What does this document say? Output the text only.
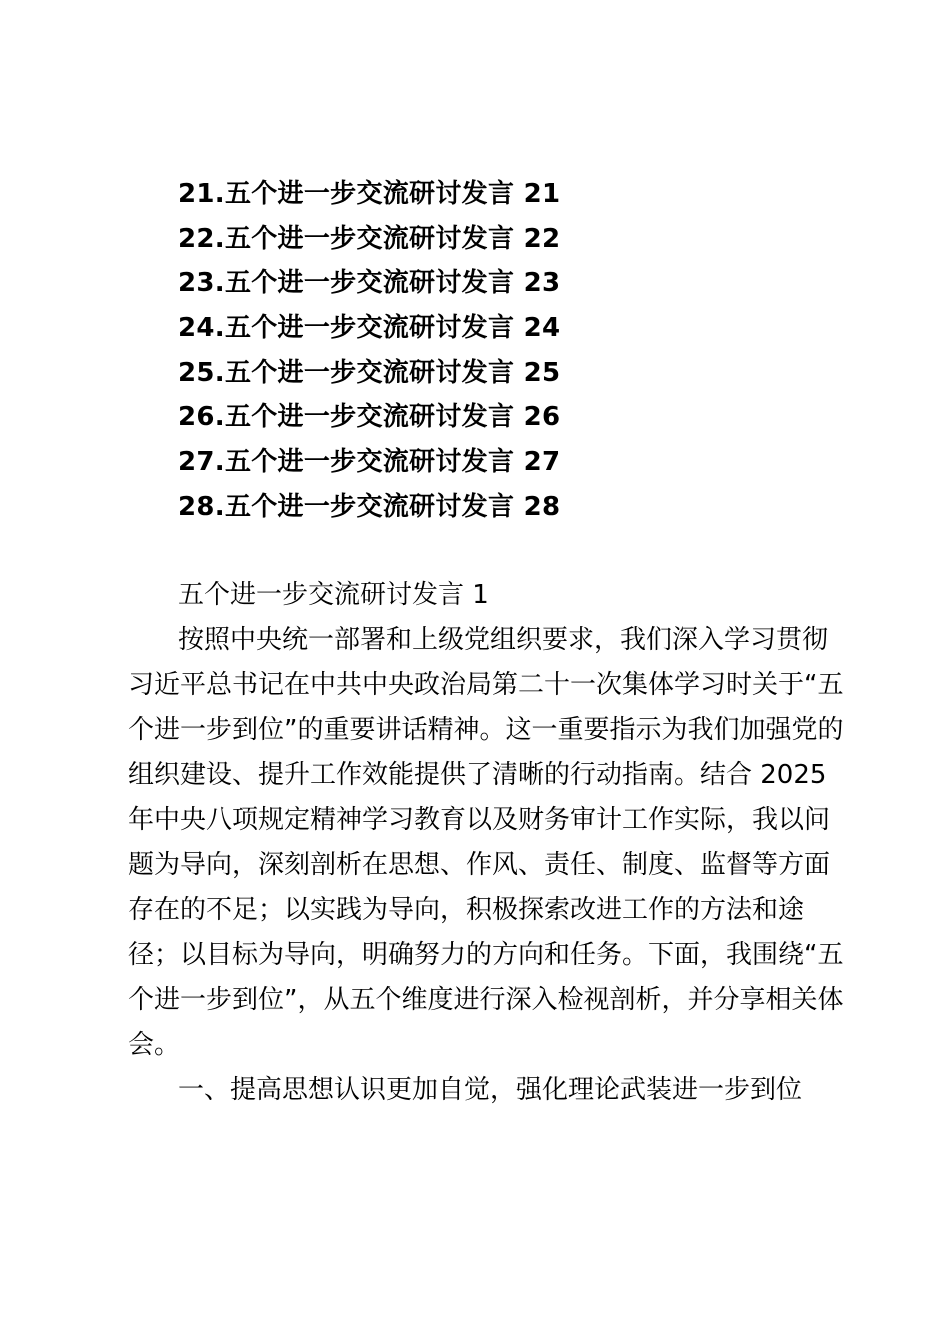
21.五个进一步交流研讨发言 21
22.五个进一步交流研讨发言 22
23.五个进一步交流研讨发言 23
24.五个进一步交流研讨发言 24
25.五个进一步交流研讨发言 25
26.五个进一步交流研讨发言 26
27.五个进一步交流研讨发言 27
28.五个进一步交流研讨发言 28
五个进一步交流研讨发言 1

按照中央统一部署和上级党组织要求，我们深入学习贯彻
习近平总书记在中共中央政治局第二十一次集体学习时关于“五
个进一步到位”的重要讲话精神。这一重要指示为我们加强党的
组织建设、提升工作效能提供了清晰的行动指南。结合 2025
年中央八项规定精神学习教育以及财务审计工作实际，我以问
题为导向，深刻剖析在思想、作风、责任、制度、监督等方面
存在的不足；以实践为导向，积极探索改进工作的方法和途
径；以目标为导向，明确努力的方向和任务。下面，我围绕“五
个进一步到位”，从五个维度进行深入检视剖析，并分享相关体
会。

一、提高思想认识更加自觉，强化理论武装进一步到位
